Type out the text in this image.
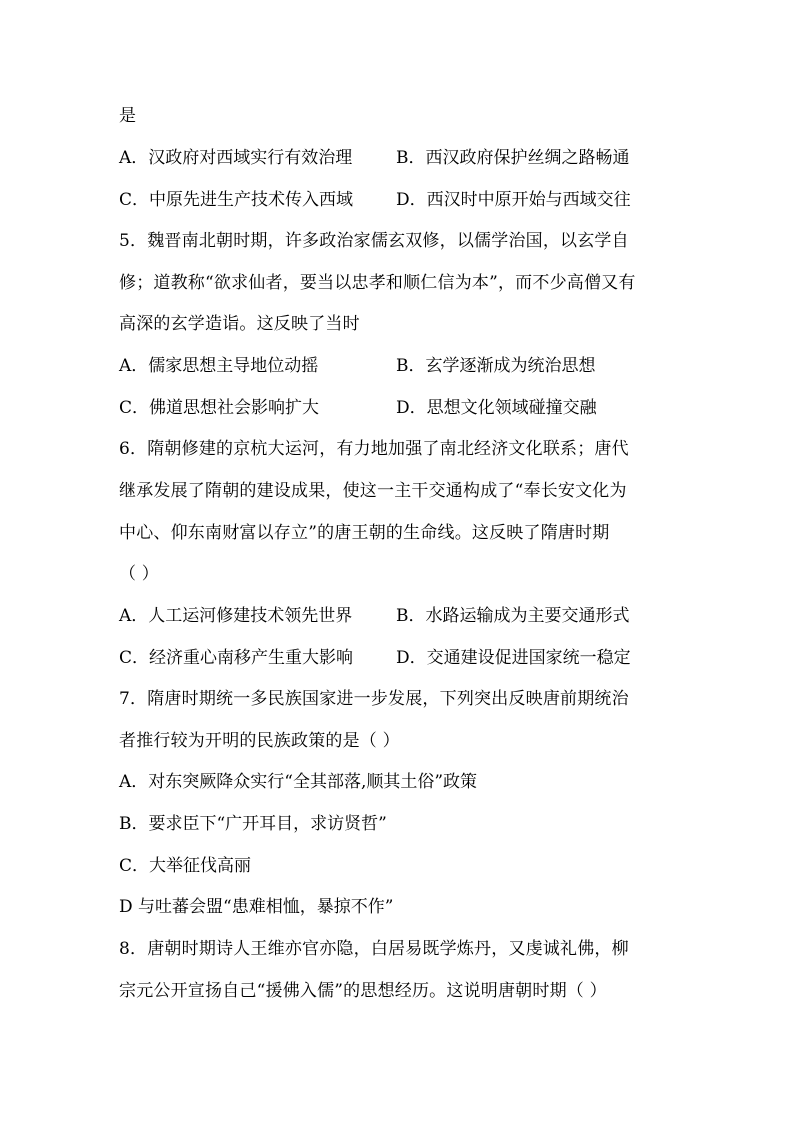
是
A．汉政府对西域实行有效治理	B．西汉政府保护丝绸之路畅通
C．中原先进生产技术传入西域	D．西汉时中原开始与西域交往
5．魏晋南北朝时期，许多政治家儒玄双修，以儒学治国，以玄学自
修；道教称“欲求仙者，要当以忠孝和顺仁信为本”，而不少高僧又有
高深的玄学造诣。这反映了当时
A．儒家思想主导地位动摇	B．玄学逐渐成为统治思想
C．佛道思想社会影响扩大	D．思想文化领域碰撞交融
6．隋朝修建的京杭大运河，有力地加强了南北经济文化联系；唐代
继承发展了隋朝的建设成果，使这一主干交通构成了“奉长安文化为
中心、仰东南财富以存立”的唐王朝的生命线。这反映了隋唐时期
（ ）
A．人工运河修建技术领先世界	B．水路运输成为主要交通形式
C．经济重心南移产生重大影响	D．交通建设促进国家统一稳定
7．隋唐时期统一多民族国家进一步发展，下列突出反映唐前期统治
者推行较为开明的民族政策的是（ ）
A．对东突厥降众实行“全其部落,顺其土俗”政策
B．要求臣下“广开耳目，求访贤哲”
C．大举征伐高丽
D 与吐蕃会盟“患难相恤，暴掠不作”
8．唐朝时期诗人王维亦官亦隐，白居易既学炼丹，又虔诚礼佛，柳
宗元公开宣扬自己“援佛入儒”的思想经历。这说明唐朝时期（ ）
